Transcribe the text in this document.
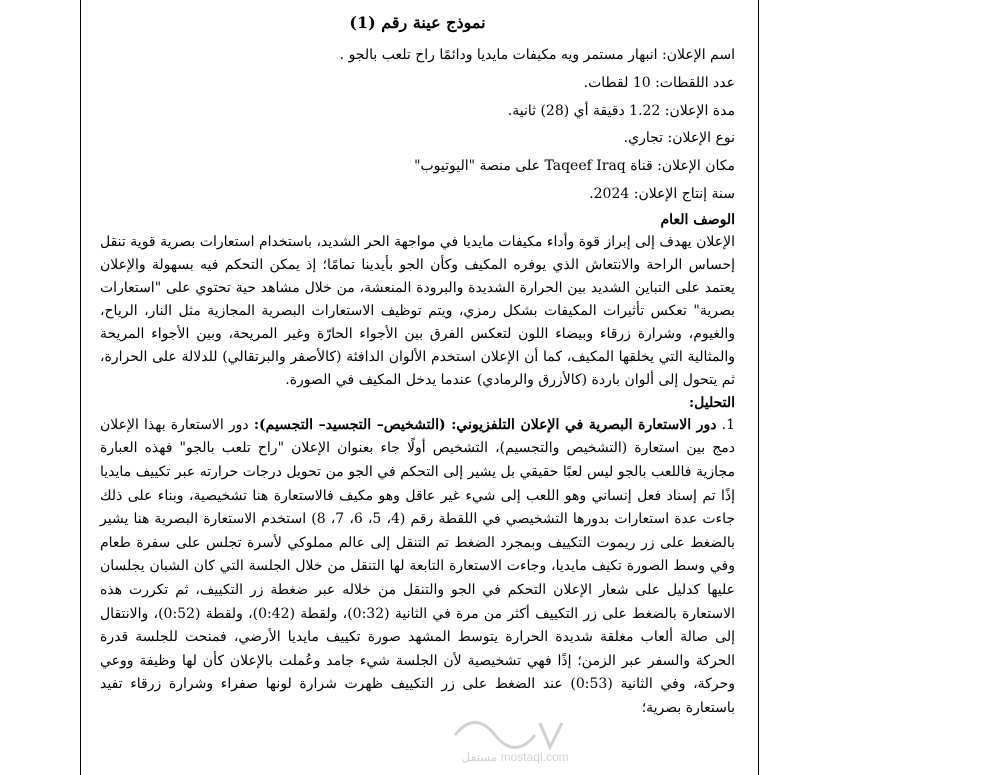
نموذج عينة رقم (1)
اسم الإعلان: انبهار مستمر ويه مكيفات مايديا ودائمًا راح تلعب بالجو .
عدد اللقطات: 10 لقطات.
مدة الإعلان: 1.22 دقيقة أي (28) ثانية.
نوع الإعلان: تجاري.
مكان الإعلان: قناة Taqeef Iraq على منصة "اليوتيوب"
سنة إنتاج الإعلان: 2024.
الوصف العام
الإعلان يهدف إلى إبراز قوة وأداء مكيفات مايديا في مواجهة الحر الشديد، باستخدام استعارات بصرية قوية تنقل إحساس الراحة والانتعاش الذي يوفره المكيف وكأن الجو بأيدينا تمامًا؛ إذ يمكن التحكم فيه بسهولة والإعلان يعتمد على التباين الشديد بين الحرارة الشديدة والبرودة المنعشة، من خلال مشاهد حية تحتوي على "استعارات بصرية" تعكس تأثيرات المكيفات بشكل رمزي، ويتم توظيف الاستعارات البصرية المجازية مثل النار، الرياح، والغيوم، وشرارة زرقاء وبيضاء اللون لتعكس الفرق بين الأجواء الحارّة وغير المريحة، وبين الأجواء المريحة والمثالية التي يخلقها المكيف، كما أن الإعلان استخدم الألوان الدافئة (كالأصفر والبرتقالي) للدلالة على الحرارة، ثم يتحول إلى ألوان باردة (كالأزرق والرمادي) عندما يدخل المكيف في الصورة.
التحليل:
1. دور الاستعارة البصرية في الإعلان التلفزيوني: (التشخيص– التجسيد– التجسيم): دور الاستعارة بهذا الإعلان دمج بين استعارة (التشخيص والتجسيم)، التشخيص أولًا جاء بعنوان الإعلان "راح تلعب بالجو" فهذه العبارة مجازية فاللعب بالجو ليس لعبًا حقيقي بل يشير إلى التحكم في الجو من تحويل درجات حرارته عبر تكييف مايديا إذًا تم إسناد فعل إنساني وهو اللعب إلى شيء غير عاقل وهو مكيف فالاستعارة هنا تشخيصية، وبناء على ذلك جاءت عدة استعارات بدورها التشخيصي في اللقطة رقم (4، 5، 6، 7، 8) استخدم الاستعارة البصرية هنا يشير بالضغط على زر ريموت التكييف وبمجرد الضغط تم التنقل إلى عالم مملوكي لأسرة تجلس على سفرة طعام وفي وسط الصورة تكيف مايديا، وجاءت الاستعارة التابعة لها التنقل من خلال الجلسة التي كان الشبان يجلسان عليها كدليل على شعار الإعلان التحكم في الجو والتنقل من خلاله عبر ضغطة زر التكييف، ثم تكررت هذه الاستعارة بالضغط على زر التكييف أكثر من مرة في الثانية (0:32)، ولقطة (0:42)، ولقطة (0:52)، والانتقال إلى صالة ألعاب مغلقة شديدة الحرارة يتوسط المشهد صورة تكييف مايديا الأرضي، فمنحت للجلسة قدرة الحركة والسفر عبر الزمن؛ إذًا فهي تشخيصية لأن الجلسة شيء جامد وعُملت بالإعلان كأن لها وظيفة ووعي وحركة، وفي الثانية (0:53) عند الضغط على زر التكييف ظهرت شرارة لونها صفراء وشرارة زرقاء تفيد باستعارة بصرية؛
مستقل mostaql.com
